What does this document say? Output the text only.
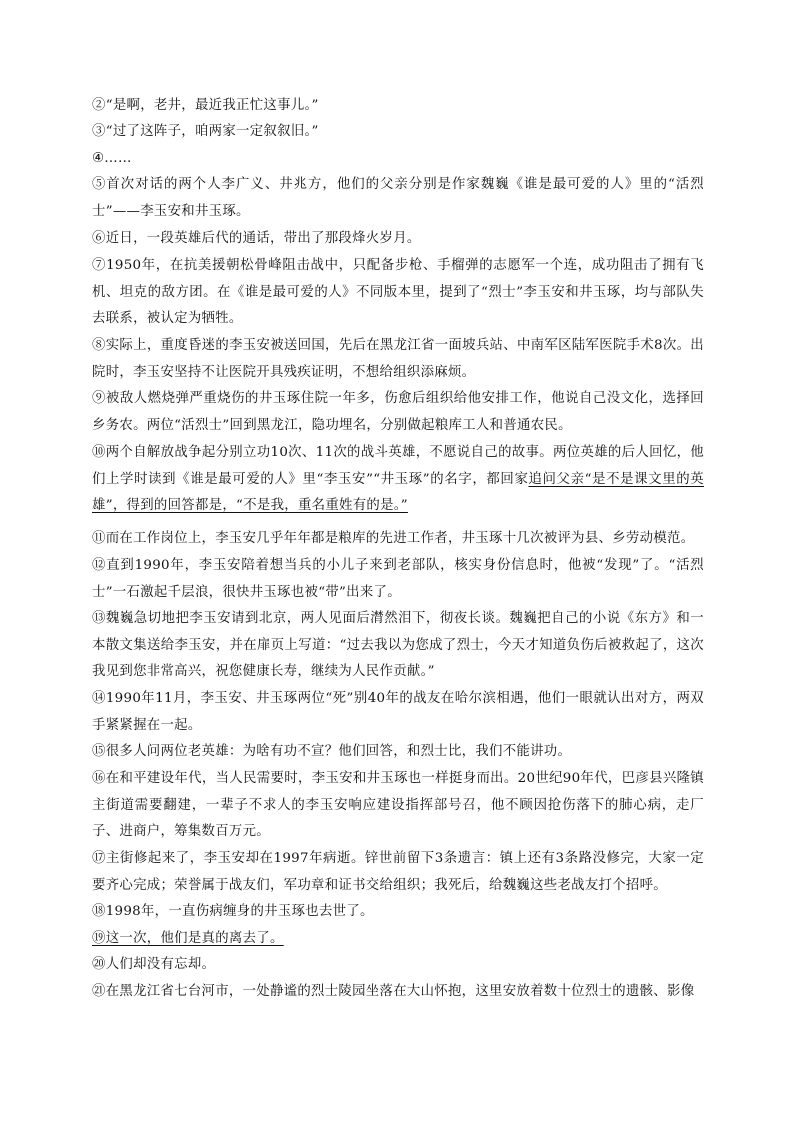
②“是啊，老井，最近我正忙这事儿。”

③“过了这阵子，咱两家一定叙叙旧。”

④……

⑤首次对话的两个人李广义、井兆方，他们的父亲分别是作家魏巍《谁是最可爱的人》里的“活烈士”——李玉安和井玉琢。

⑥近日，一段英雄后代的通话，带出了那段烽火岁月。

⑦1950年，在抗美援朝松骨峰阻击战中，只配备步枪、手榴弹的志愿军一个连，成功阻击了拥有飞机、坦克的敌方团。在《谁是最可爱的人》不同版本里，提到了“烈士”李玉安和井玉琢，均与部队失去联系，被认定为牺牲。

⑧实际上，重度昏迷的李玉安被送回国，先后在黑龙江省一面坡兵站、中南军区陆军医院手术8次。出院时，李玉安坚持不让医院开具残疾证明，不想给组织添麻烦。

⑨被敌人燃烧弹严重烧伤的井玉琢住院一年多，伤愈后组织给他安排工作，他说自己没文化，选择回乡务农。两位“活烈士”回到黑龙江，隐功埋名，分别做起粮库工人和普通农民。

⑩两个自解放战争起分别立功10次、11次的战斗英雄，不愿说自己的故事。两位英雄的后人回忆，他们上学时读到《谁是最可爱的人》里“李玉安”“井玉琢”的名字，都回家追问父亲“是不是课文里的英雄”，得到的回答都是，“不是我，重名重姓有的是。”

⑪而在工作岗位上，李玉安几乎年年都是粮库的先进工作者，井玉琢十几次被评为县、乡劳动模范。

⑫直到1990年，李玉安陪着想当兵的小儿子来到老部队，核实身份信息时，他被“发现”了。“活烈士”一石激起千层浪，很快井玉琢也被“带”出来了。

⑬魏巍急切地把李玉安请到北京，两人见面后潸然泪下，彻夜长谈。魏巍把自己的小说《东方》和一本散文集送给李玉安，并在扉页上写道：“过去我以为您成了烈士，今天才知道负伤后被救起了，这次我见到您非常高兴，祝您健康长寿，继续为人民作贡献。”

⑭1990年11月，李玉安、井玉琢两位“死”别40年的战友在哈尔滨相遇，他们一眼就认出对方，两双手紧紧握在一起。

⑮很多人问两位老英雄：为啥有功不宣？他们回答，和烈士比，我们不能讲功。

⑯在和平建设年代，当人民需要时，李玉安和井玉琢也一样挺身而出。20世纪90年代，巴彦县兴隆镇主街道需要翻建，一辈子不求人的李玉安响应建设指挥部号召，他不顾因抢伤落下的肺心病，走厂子、进商户，筹集数百万元。

⑰主街修起来了，李玉安却在1997年病逝。锌世前留下3条遗言：镇上还有3条路没修完，大家一定要齐心完成；荣誉属于战友们，军功章和证书交给组织；我死后，给魏巍这些老战友打个招呼。

⑱1998年，一直伤病缠身的井玉琢也去世了。

⑲这一次，他们是真的离去了。

⑳人们却没有忘却。

㉑在黑龙江省七台河市，一处静谧的烈士陵园坐落在大山怀抱，这里安放着数十位烈士的遗骸、影像
